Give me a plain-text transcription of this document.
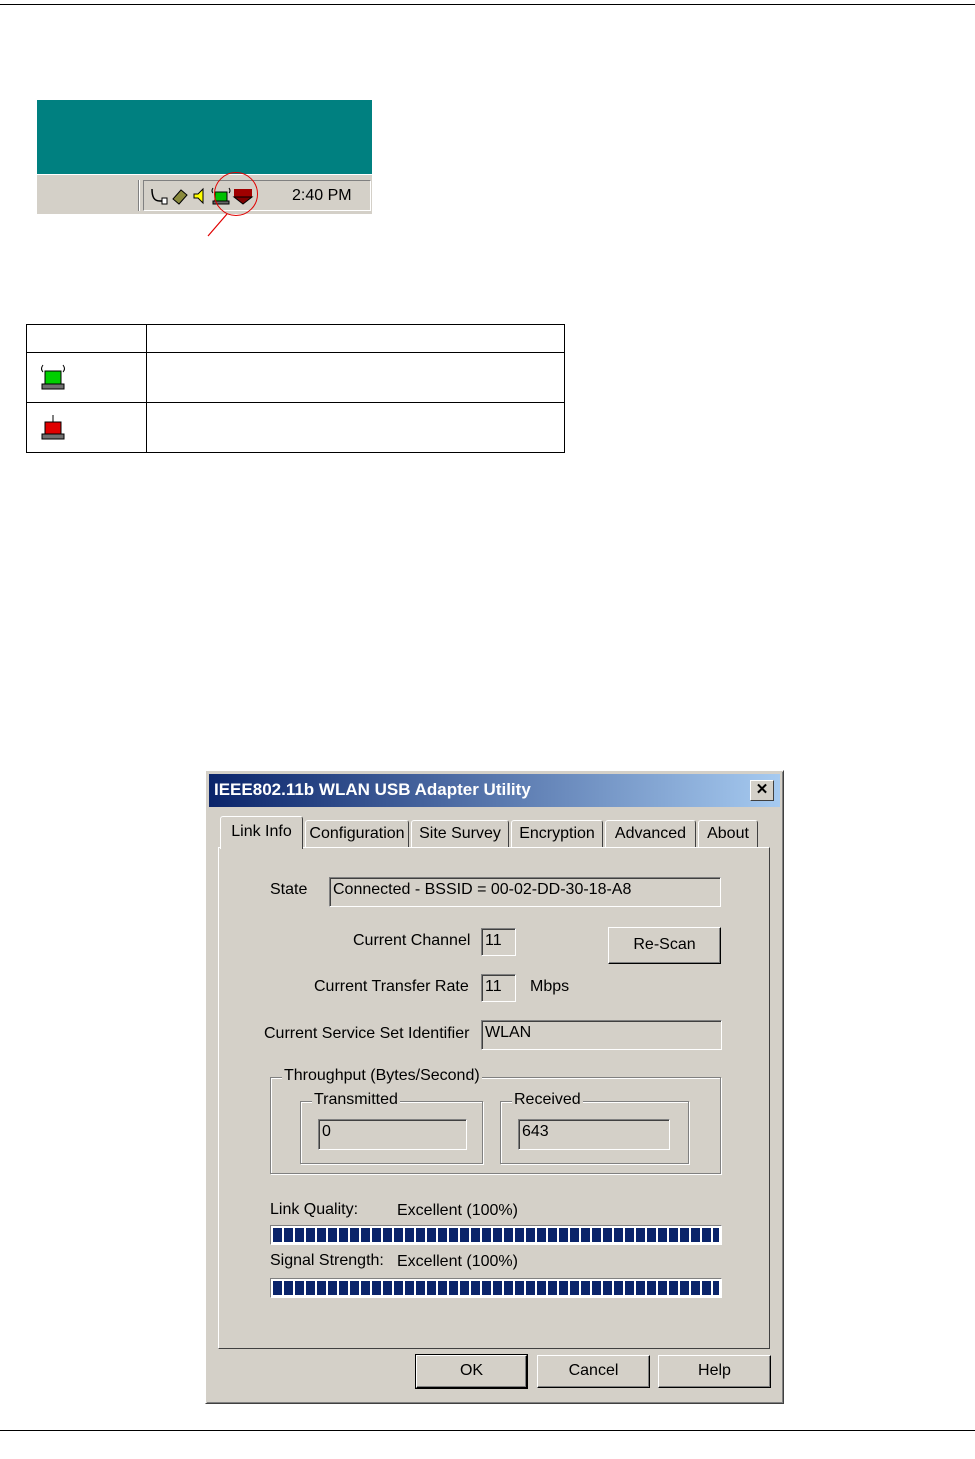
2:40 PM

IEEE802.11b WLAN USB Adapter Utility	✕
Link Info	Configuration Site Survey	Encryption	Advanced	About
State Connected - BSSID = 00-02-DD-30-18-A8
Current Channel 11	Re-Scan
Current Transfer Rate 11	Mbps
Current Service Set Identifier WLAN
Throughput (Bytes/Second)
Transmitted
0
Received
643
Link Quality: Excellent (100%)
Signal Strength: Excellent (100%)
OK	Cancel	Help
